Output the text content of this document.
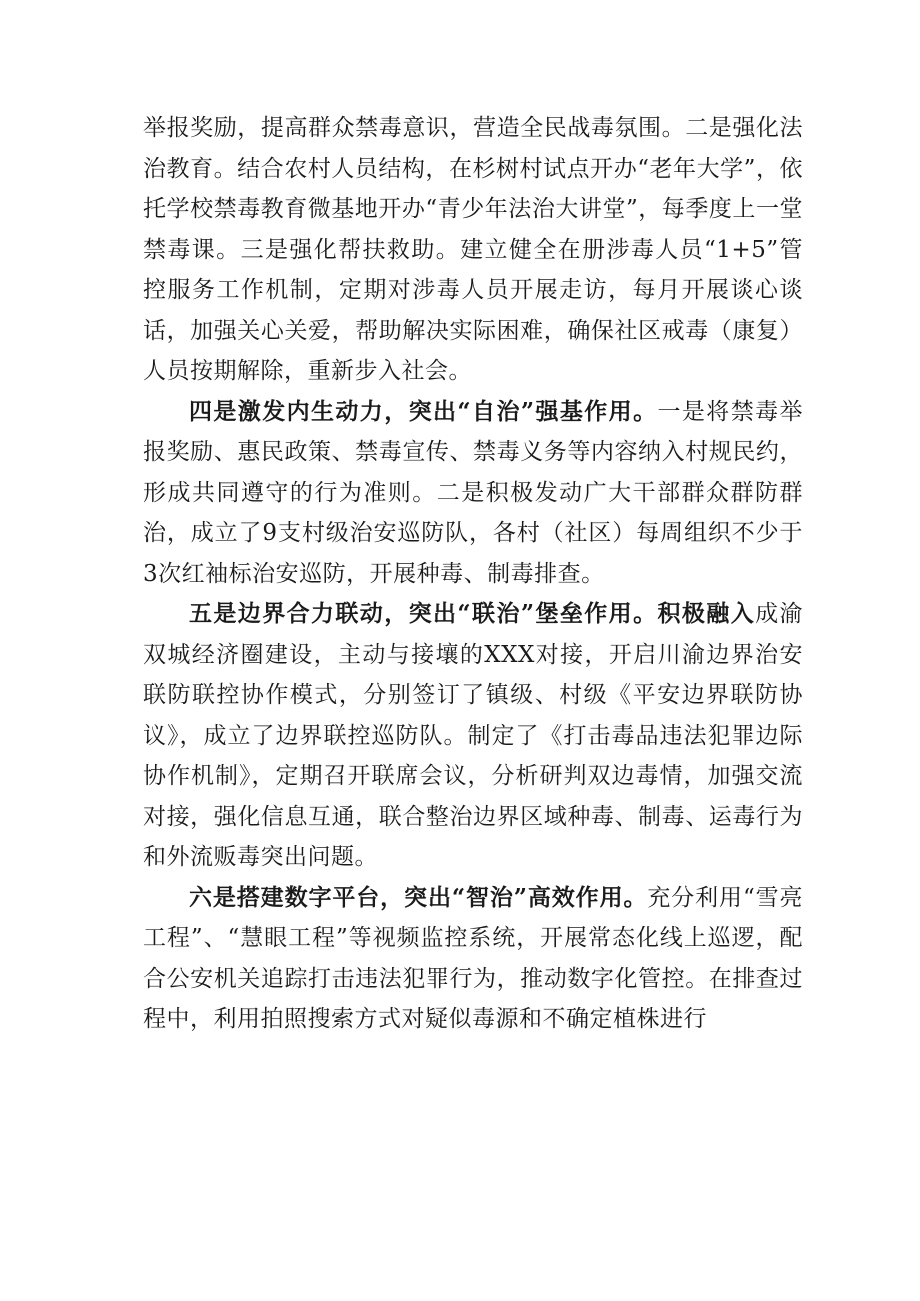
举报奖励，提高群众禁毒意识，营造全民战毒氛围。二是强化法治教育。结合农村人员结构，在杉树村试点开办“老年大学”，依托学校禁毒教育微基地开办“青少年法治大讲堂”，每季度上一堂禁毒课。三是强化帮扶救助。建立健全在册涉毒人员“1+5”管控服务工作机制，定期对涉毒人员开展走访，每月开展谈心谈话，加强关心关爱，帮助解决实际困难，确保社区戒毒（康复）人员按期解除，重新步入社会。

四是激发内生动力，突出“自治”强基作用。一是将禁毒举报奖励、惠民政策、禁毒宣传、禁毒义务等内容纳入村规民约，形成共同遵守的行为准则。二是积极发动广大干部群众群防群治，成立了9支村级治安巡防队，各村（社区）每周组织不少于3次红袖标治安巡防，开展种毒、制毒排查。

五是边界合力联动，突出“联治”堡垒作用。积极融入成渝双城经济圈建设，主动与接壤的XXX对接，开启川渝边界治安联防联控协作模式，分别签订了镇级、村级《平安边界联防协议》，成立了边界联控巡防队。制定了《打击毒品违法犯罪边际协作机制》，定期召开联席会议，分析研判双边毒情，加强交流对接，强化信息互通，联合整治边界区域种毒、制毒、运毒行为和外流贩毒突出问题。

六是搭建数字平台，突出“智治”高效作用。充分利用“雪亮工程”、“慧眼工程”等视频监控系统，开展常态化线上巡逻，配合公安机关追踪打击违法犯罪行为，推动数字化管控。在排查过程中，利用拍照搜索方式对疑似毒源和不确定植株进行
